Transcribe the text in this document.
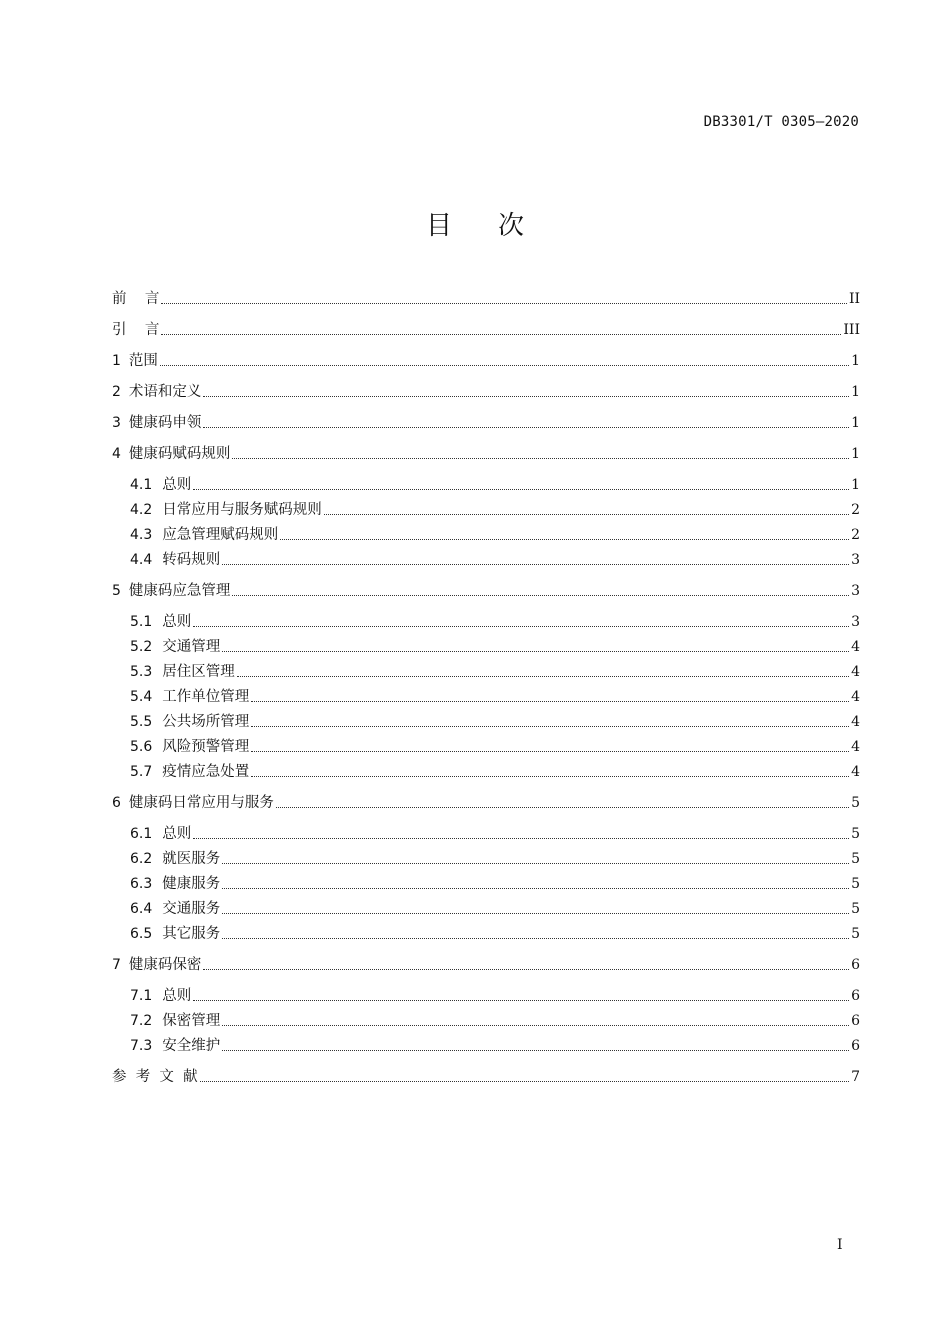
DB3301/T 0305—2020
目 次
前    言	II
引    言	III
1 范围	1
2 术语和定义	1
3 健康码申领	1
4 健康码赋码规则	1
4.1 总则	1
4.2 日常应用与服务赋码规则	2
4.3 应急管理赋码规则	2
4.4 转码规则	3
5 健康码应急管理	3
5.1 总则	3
5.2 交通管理	4
5.3 居住区管理	4
5.4 工作单位管理	4
5.5 公共场所管理	4
5.6 风险预警管理	4
5.7 疫情应急处置	4
6 健康码日常应用与服务	5
6.1 总则	5
6.2 就医服务	5
6.3 健康服务	5
6.4 交通服务	5
6.5 其它服务	5
7 健康码保密	6
7.1 总则	6
7.2 保密管理	6
7.3 安全维护	6
参  考  文  献	7
I
